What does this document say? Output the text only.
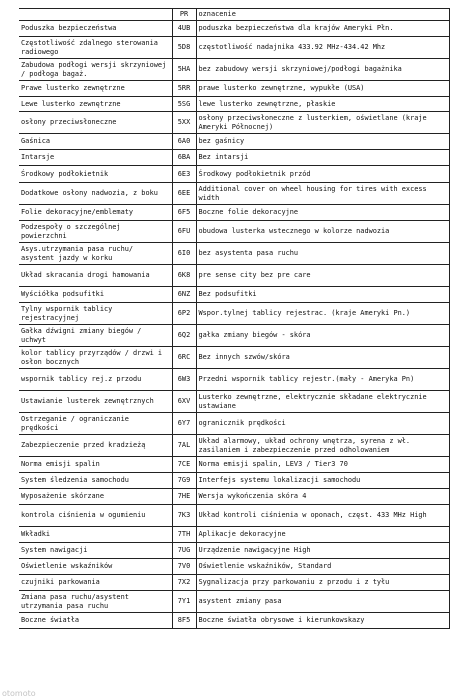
	PR	oznacenie
Poduszka bezpieczeństwa	4UB	poduszka bezpieczeństwa dla krajów Ameryki Płn.
Częstotliwość zdalnego sterowania radiowego	5D8	częstotliwość nadajnika 433.92 MHz-434.42 Mhz
Zabudowa podłogi wersji skrzyniowej / podłoga bagaż.	5HA	bez zabudowy wersji skrzyniowej/podłogi bagażnika
Prawe lusterko zewnętrzne	5RR	prawe lusterko zewnętrzne, wypukłe (USA)
Lewe lusterko zewnętrzne	5SG	lewe lusterko zewnętrzne, płaskie
osłony przeciwsłoneczne	5XX	osłony przeciwsłoneczne z lusterkiem, oświetlane (kraje Ameryki Północnej)
Gaśnica	6A0	bez gaśnicy
Intarsje	6BA	Bez intarsji
Środkowy podłokietnik	6E3	Środkowy podłokietnik przód
Dodatkowe osłony nadwozia, z boku	6EE	Additional cover on wheel housing for tires with excess width
Folie dekoracyjne/emblematy	6F5	Boczne folie dekoracyjne
Podzespoły o szczególnej powierzchni	6FU	obudowa lusterka wstecznego w kolorze nadwozia
Asys.utrzymania pasa ruchu/ asystent jazdy w korku	6I0	bez asystenta pasa ruchu
Układ skracania drogi hamowania	6K8	pre sense city bez pre care
Wyściółka podsufitki	6NZ	Bez podsufitki
Tylny wspornik tablicy rejestracyjnej	6P2	Wspor.tylnej tablicy rejestrac. (kraje Ameryki Pn.)
Gałka dźwigni zmiany biegów / uchwyt	6Q2	gałka zmiany biegów - skóra
kolor tablicy przyrządów / drzwi i osłon bocznych	6RC	Bez innych szwów/skóra
wspornik tablicy rej.z przodu	6W3	Przedni wspornik tablicy rejestr.(mały - Ameryka Pn)
Ustawianie lusterek zewnętrznych	6XV	Lusterko zewnętrzne, elektrycznie składane elektrycznie ustawiane
Ostrzeganie / ograniczanie prędkości	6Y7	ogranicznik prędkości
Zabezpieczenie przed kradzieżą	7AL	Układ alarmowy, układ ochrony wnętrza, syrena z wł. zasilaniem i zabezpieczenie przed odholowaniem
Norma emisji spalin	7CE	Norma emisji spalin, LEV3 / Tier3 70
System śledzenia samochodu	7G9	Interfejs systemu lokalizacji samochodu
Wyposażenie skórzane	7HE	Wersja wykończenia skóra 4
kontrola ciśnienia w ogumieniu	7K3	Układ kontroli ciśnienia w oponach, częst. 433 MHz High
Wkładki	7TH	Aplikacje dekoracyjne
System nawigacji	7UG	Urządzenie nawigacyjne High
Oświetlenie wskaźników	7V0	Oświetlenie wskaźników, Standard
czujniki parkowania	7X2	Sygnalizacja przy parkowaniu z przodu i z tyłu
Zmiana pasa ruchu/asystent utrzymania pasa ruchu	7Y1	asystent zmiany pasa
Boczne światła	8F5	Boczne światła obrysowe i kierunkowskazy
otomoto
